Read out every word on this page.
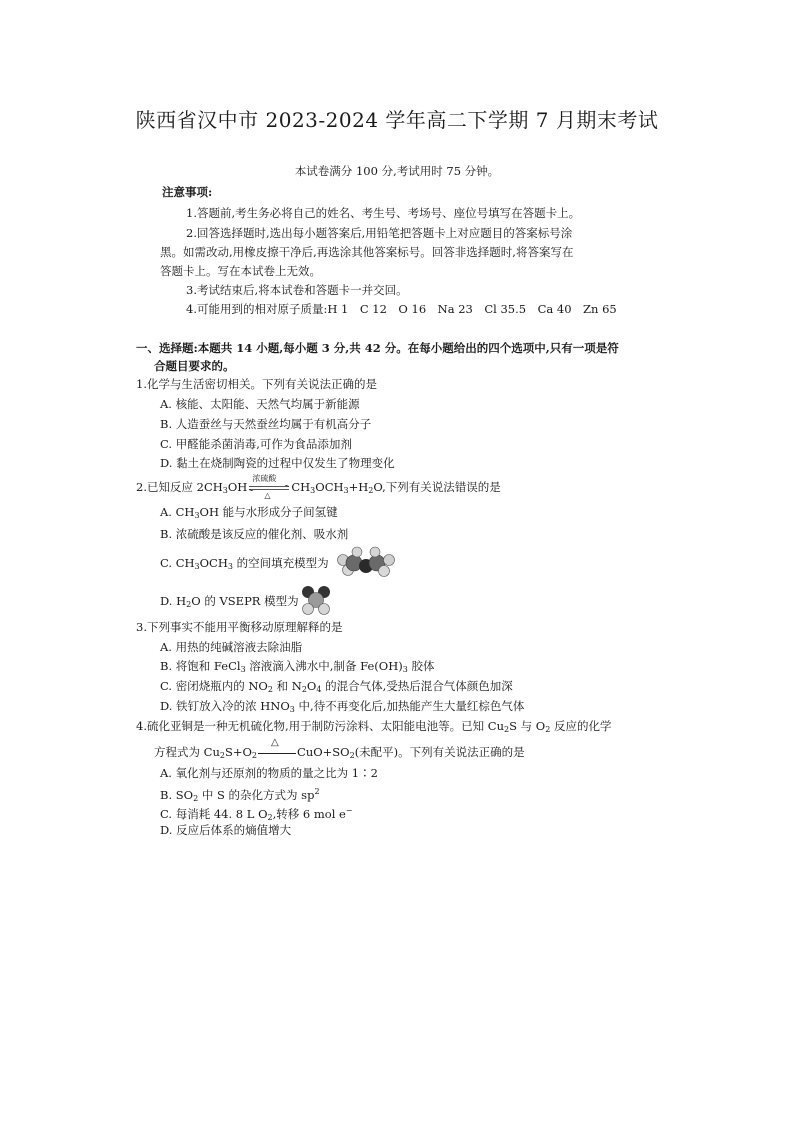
陕西省汉中市 2023-2024 学年高二下学期 7 月期末考试
本试卷满分 100 分,考试用时 75 分钟。
注意事项:
1.答题前,考生务必将自己的姓名、考生号、考场号、座位号填写在答题卡上。
2.回答选择题时,选出每小题答案后,用铅笔把答题卡上对应题目的答案标号涂
黑。如需改动,用橡皮擦干净后,再选涂其他答案标号。回答非选择题时,将答案写在
答题卡上。写在本试卷上无效。
3.考试结束后,将本试卷和答题卡一并交回。
4.可能用到的相对原子质量:H 1　C 12　O 16　Na 23　Cl 35.5　Ca 40　Zn 65
一、选择题:本题共 14 小题,每小题 3 分,共 42 分。在每小题给出的四个选项中,只有一项是符
合题目要求的。
1.化学与生活密切相关。下列有关说法正确的是
A. 核能、太阳能、天然气均属于新能源
B. 人造蚕丝与天然蚕丝均属于有机高分子
C. 甲醛能杀菌消毒,可作为食品添加剂
D. 黏土在烧制陶瓷的过程中仅发生了物理变化
2.已知反应 2CH3OH
浓硫酸
△
CH3OCH3+H2O,下列有关说法错误的是
A. CH3OH 能与水形成分子间氢键
B. 浓硫酸是该反应的催化剂、吸水剂
C. CH3OCH3 的空间填充模型为
D. H2O 的 VSEPR 模型为
3.下列事实不能用平衡移动原理解释的是
A. 用热的纯碱溶液去除油脂
B. 将饱和 FeCl3 溶液滴入沸水中,制备 Fe(OH)3 胶体
C. 密闭烧瓶内的 NO2 和 N2O4 的混合气体,受热后混合气体颜色加深
D. 铁钉放入冷的浓 HNO3 中,待不再变化后,加热能产生大量红棕色气体
4.硫化亚铜是一种无机硫化物,用于制防污涂料、太阳能电池等。已知 Cu2S 与 O2 反应的化学
方程式为 Cu2S+O2
△
CuO+SO2(未配平)。下列有关说法正确的是
A. 氧化剂与还原剂的物质的量之比为 1∶2
B. SO2 中 S 的杂化方式为 $sp^2$
C. 每消耗 44. 8 L O2,转移 6 mol e−
D. 反应后体系的熵值增大
